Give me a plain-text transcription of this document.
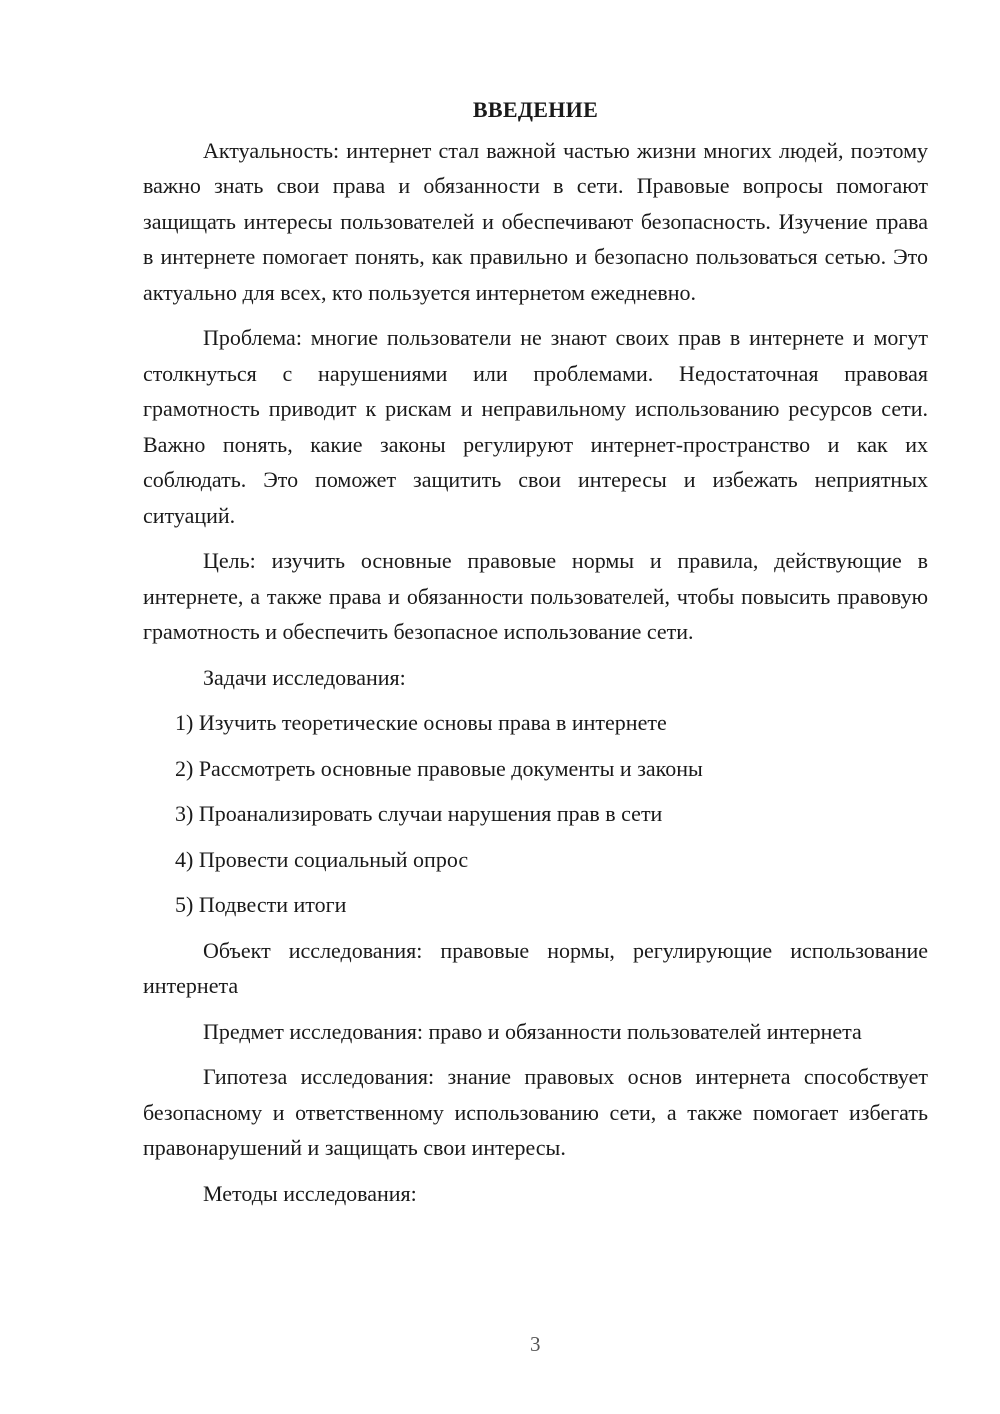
ВВЕДЕНИЕ

Актуальность: интернет стал важной частью жизни многих людей, поэтому важно знать свои права и обязанности в сети. Правовые вопросы помогают защищать интересы пользователей и обеспечивают безопасность. Изучение права в интернете помогает понять, как правильно и безопасно пользоваться сетью. Это актуально для всех, кто пользуется интернетом ежедневно.

Проблема: многие пользователи не знают своих прав в интернете и могут столкнуться с нарушениями или проблемами. Недостаточная правовая грамотность приводит к рискам и неправильному использованию ресурсов сети. Важно понять, какие законы регулируют интернет-пространство и как их соблюдать. Это поможет защитить свои интересы и избежать неприятных ситуаций.

Цель: изучить основные правовые нормы и правила, действующие в интернете, а также права и обязанности пользователей, чтобы повысить правовую грамотность и обеспечить безопасное использование сети.

Задачи исследования:

1) Изучить теоретические основы права в интернете
2) Рассмотреть основные правовые документы и законы
3) Проанализировать случаи нарушения прав в сети
4) Провести социальный опрос
5) Подвести итоги

Объект исследования: правовые нормы, регулирующие использование интернета

Предмет исследования: право и обязанности пользователей интернета

Гипотеза исследования: знание правовых основ интернета способствует безопасному и ответственному использованию сети, а также помогает избегать правонарушений и защищать свои интересы.

Методы исследования:

3
